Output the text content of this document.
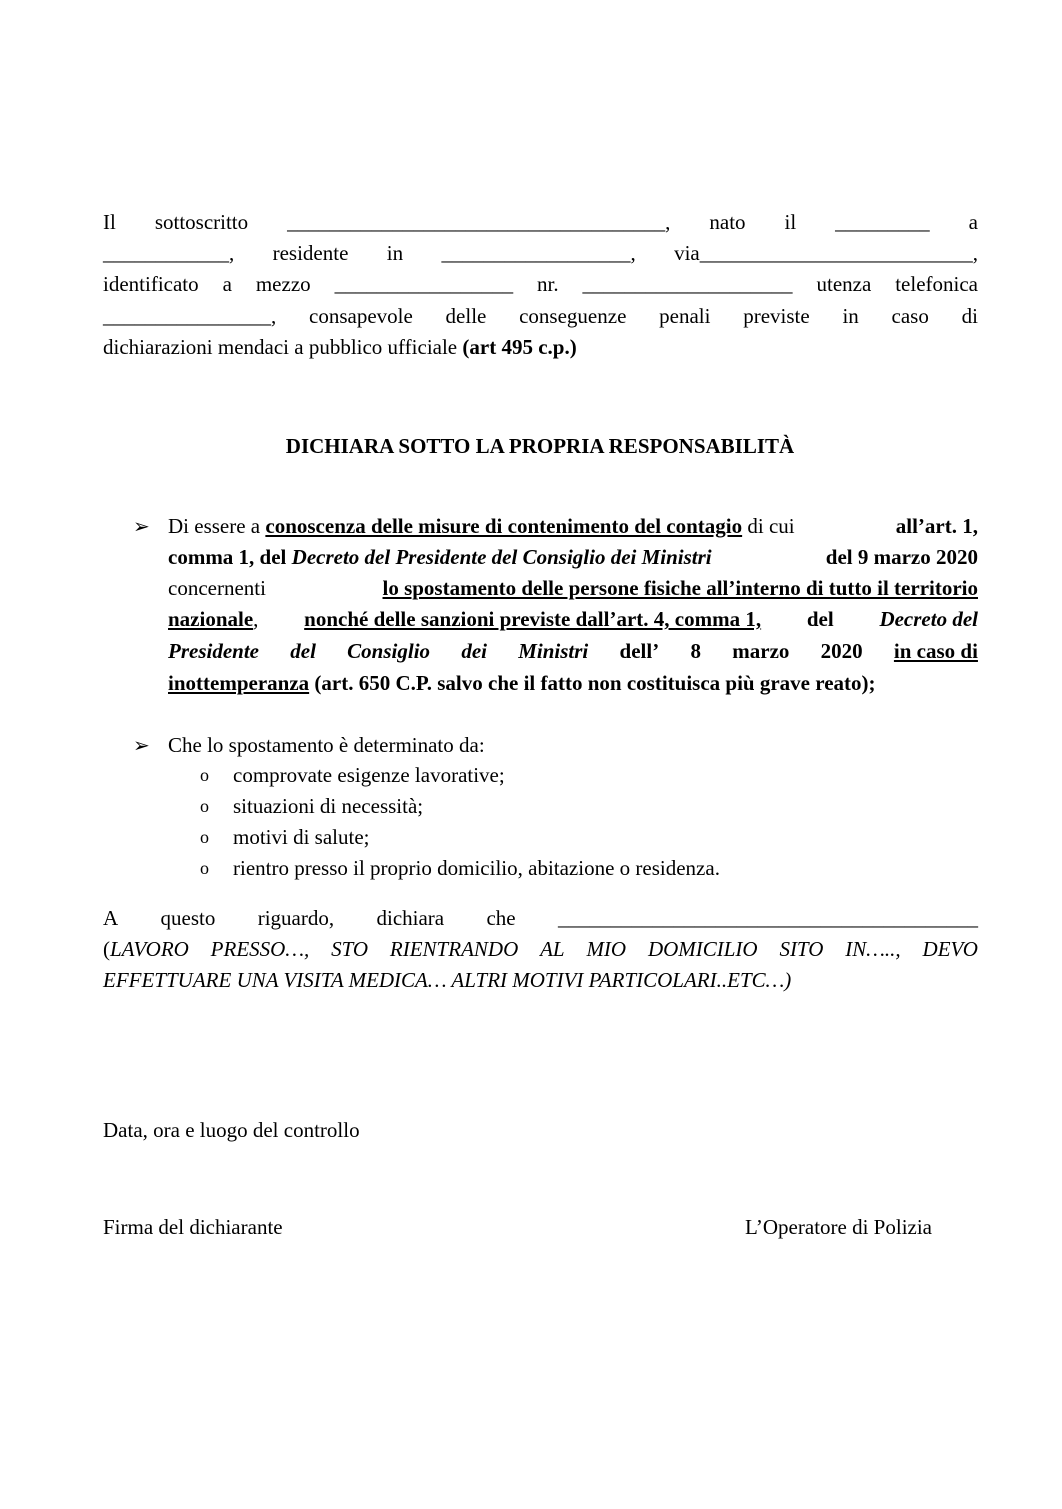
Il sottoscritto ____________________________________, nato il _________ a
____________, residente in __________________, via__________________________,
identificato a mezzo _________________ nr. ____________________ utenza telefonica
________________, consapevole delle conseguenze penali previste in caso di
dichiarazioni mendaci a pubblico ufficiale (art 495 c.p.)
DICHIARA SOTTO LA PROPRIA RESPONSABILITÀ
➢ Di essere a conoscenza delle misure di contenimento del contagio di cui	all’art. 1,
comma 1, del Decreto del Presidente del Consiglio dei Ministri	del 9 marzo 2020
concernenti	lo spostamento delle persone fisiche all’interno di tutto il territorio
nazionale, nonché delle sanzioni previste dall’art. 4, comma 1, del Decreto del
Presidente del Consiglio dei Ministri dell’ 8 marzo 2020 in caso di
inottemperanza (art. 650 C.P. salvo che il fatto non costituisca più grave reato);
➢ Che lo spostamento è determinato da:
o comprovate esigenze lavorative;
o situazioni di necessità;
o motivi di salute;
o rientro presso il proprio domicilio, abitazione o residenza.
A questo riguardo, dichiara che ________________________________________
(LAVORO PRESSO…, STO RIENTRANDO AL MIO DOMICILIO SITO IN….., DEVO
EFFETTUARE UNA VISITA MEDICA… ALTRI MOTIVI PARTICOLARI..ETC…)
Data, ora e luogo del controllo
Firma del dichiarante	L’Operatore di Polizia
